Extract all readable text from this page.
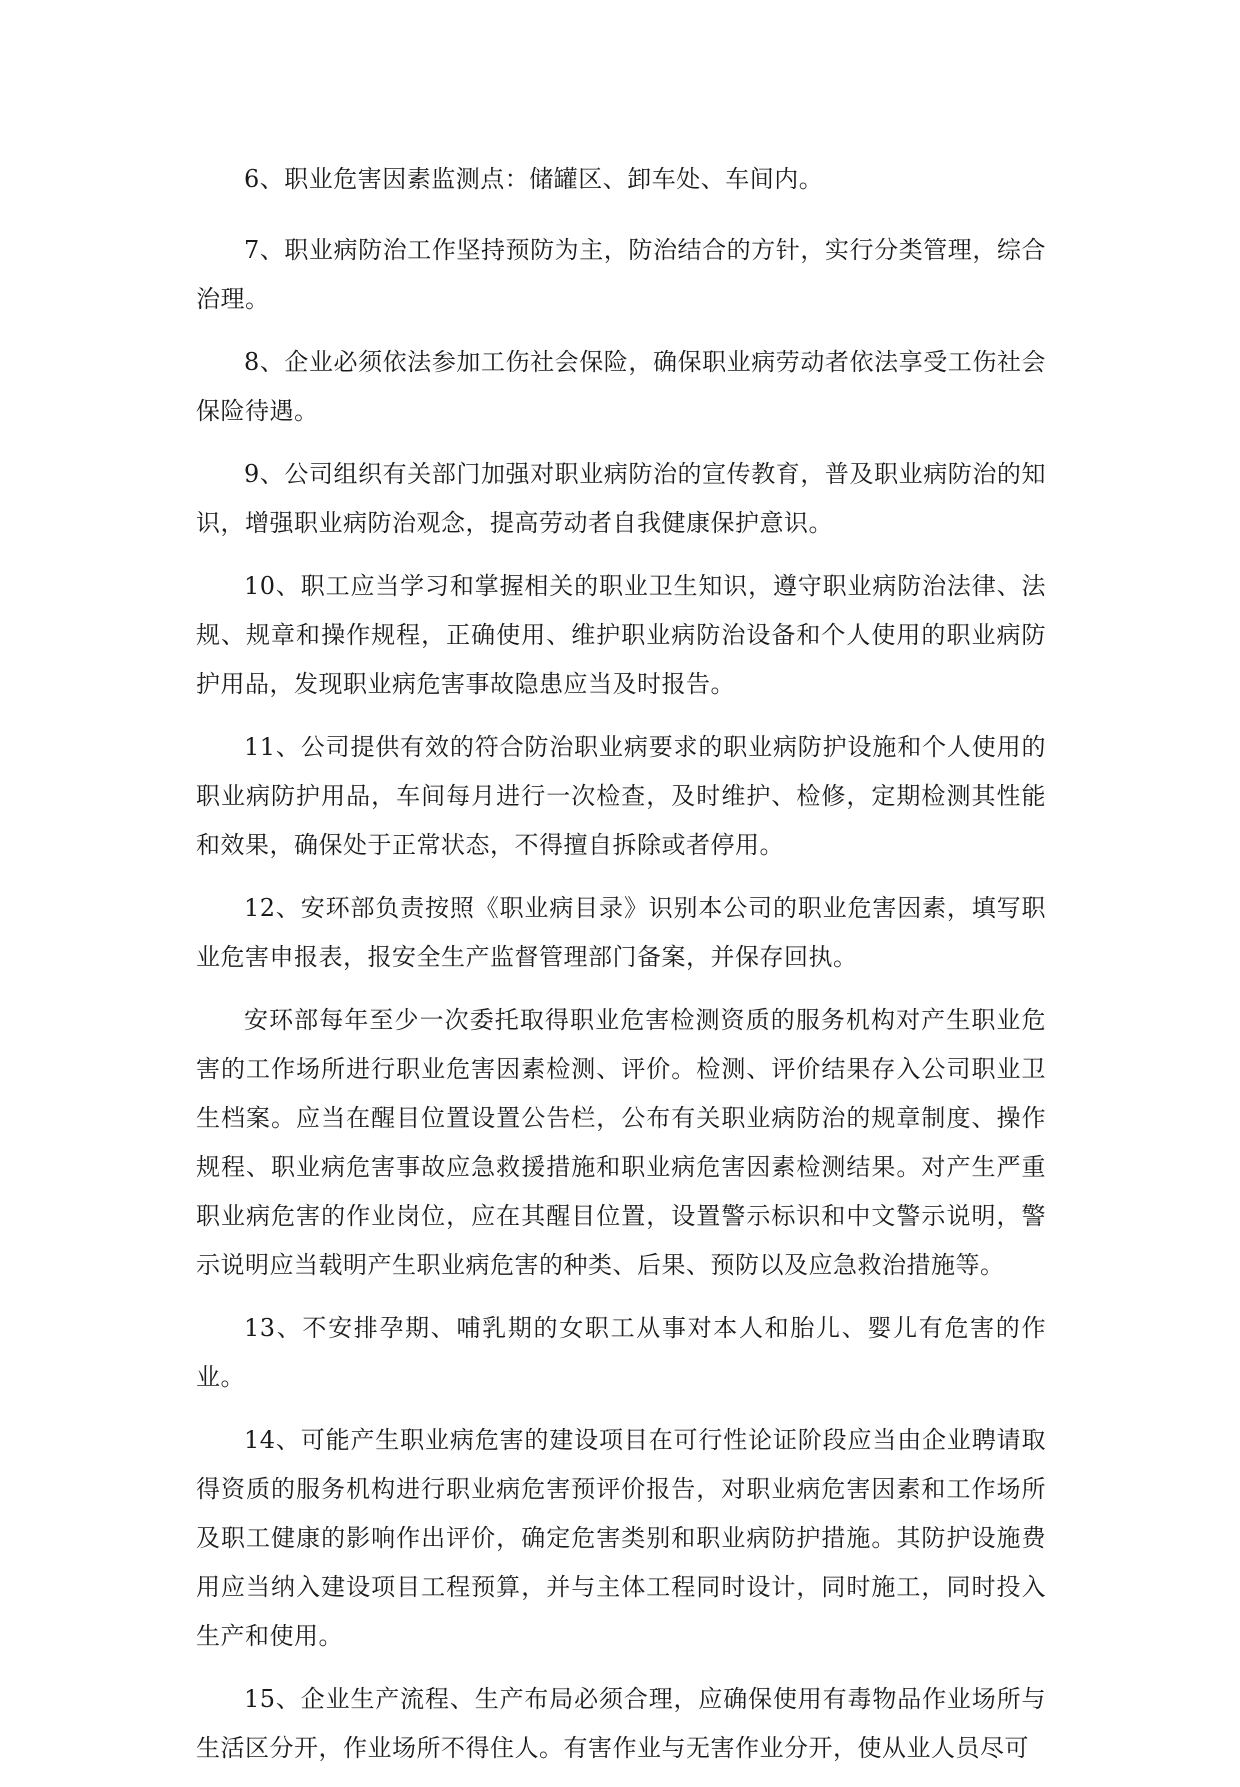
6、职业危害因素监测点：储罐区、卸车处、车间内。

7、职业病防治工作坚持预防为主，防治结合的方针，实行分类管理，综合治理。

8、企业必须依法参加工伤社会保险，确保职业病劳动者依法享受工伤社会保险待遇。

9、公司组织有关部门加强对职业病防治的宣传教育，普及职业病防治的知识，增强职业病防治观念，提高劳动者自我健康保护意识。

10、职工应当学习和掌握相关的职业卫生知识，遵守职业病防治法律、法规、规章和操作规程，正确使用、维护职业病防治设备和个人使用的职业病防护用品，发现职业病危害事故隐患应当及时报告。

11、公司提供有效的符合防治职业病要求的职业病防护设施和个人使用的职业病防护用品，车间每月进行一次检查，及时维护、检修，定期检测其性能和效果，确保处于正常状态，不得擅自拆除或者停用。

12、安环部负责按照《职业病目录》识别本公司的职业危害因素，填写职业危害申报表，报安全生产监督管理部门备案，并保存回执。

安环部每年至少一次委托取得职业危害检测资质的服务机构对产生职业危害的工作场所进行职业危害因素检测、评价。检测、评价结果存入公司职业卫生档案。应当在醒目位置设置公告栏，公布有关职业病防治的规章制度、操作规程、职业病危害事故应急救援措施和职业病危害因素检测结果。对产生严重职业病危害的作业岗位，应在其醒目位置，设置警示标识和中文警示说明，警示说明应当载明产生职业病危害的种类、后果、预防以及应急救治措施等。

13、不安排孕期、哺乳期的女职工从事对本人和胎儿、婴儿有危害的作业。

14、可能产生职业病危害的建设项目在可行性论证阶段应当由企业聘请取得资质的服务机构进行职业病危害预评价报告，对职业病危害因素和工作场所及职工健康的影响作出评价，确定危害类别和职业病防护措施。其防护设施费用应当纳入建设项目工程预算，并与主体工程同时设计，同时施工，同时投入生产和使用。

15、企业生产流程、生产布局必须合理，应确保使用有毒物品作业场所与生活区分开，作业场所不得住人。有害作业与无害作业分开，使从业人员尽可
